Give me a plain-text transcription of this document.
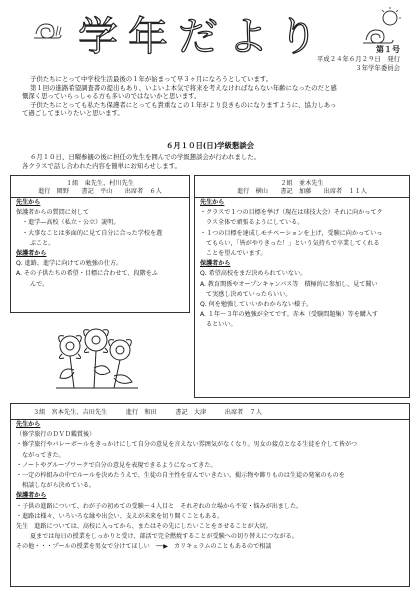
学年だより	第１号
平成２４年６月２９日　発行
３年学年委員会

子供たちにとって中学校生活最後の１年が始まって早３ヶ月になろうとしています。

第１回の進路希望調査書の提出もあり、いよいよ本気で将来を考えなければならない年齢になったのだと感

慨深く思っていらっしゃる方も多いのではないかと思います。

子供たちにとっても私たち保護者にとっても貴重なこの１年がより良きものになりますように、協力しあっ

て過ごしてまいりたいと思います。

６月１０日(日)学級懇談会

６月１０日、日曜参観の後に担任の先生を囲んでの学級懇談会が行われました。

各クラスで話し合われた内容を簡単にお知らせします。

１組　東先生，村川先生
進行　岡野　　書記　平山　　出席者　６人
先生から
保護者からの質問に対して
・進学―高校（私立・公立）説明。
・大事なことは多面的に見て自分に合った学校を選
ぶこと。
保護者から
Q. 進路、進学に向けての勉強の仕方。
A. その子供たちの希望・目標に合わせて、段階をふ
んで。
２組　並木先生
進行　横山　　書記　加藤　　出席者　１１人
先生から
・クラスで１つの目標を挙げ（現在は球技大会）それに向かってク
ラス全体で頑張るようにしている。
・１つの目標を達成しモチベーションを上げ，受験に向かっていっ
てもらい，「皆がやりきった！」という気持ちで卒業してくれる
ことを望んでいます。
保護者から
Q. 希望高校をまだ決められていない。
A. 教育関係やオープンキャンパス等　積極的に参加し、見て聞い
て実感し決めていったらいい。
Q. 何を勉強していいかわからない様子。
A. １年～３年の勉強が全てです。赤本（受験問題集）等を購入す
るといい。
３組　宮本先生、吉田先生　　　進行　和田　　　書記　大津　　　出席者　７人
先生から
（修学旅行のＤＶＤ鑑賞後）
・修学旅行やバレーボールをきっかけにして自分の意見を言えない雰囲気がなくなり。男女の接点となる生徒を介して皆がつ
ながってきた。
・ノートやグループワークで自分の意見を表現できるようになってきた。
・一定の枠組みの中でルールを決めたうえで、生徒の自主性を育んでいきたい。掲示物や飾りものは生徒の発案のものを
相談しながら決めている。
保護者から
・子供の進路について、わが子の初めての受験～４人目と　それぞれの立場から不安・悩みが出ました。
・進路は様々、いろいろな縁や出会い、支えが未来を切り開くこともある。
先生　進路については、高校に入ってから、またはその先にしたいことをさせることが大切。
夏までは毎日の授業をしっかりと受け、部活で完全燃焼することが受験への切り替えにつながる。
その他・・・プールの授業を男女で分けてほしい　──▶　カリキュラムのこともあるので相談
